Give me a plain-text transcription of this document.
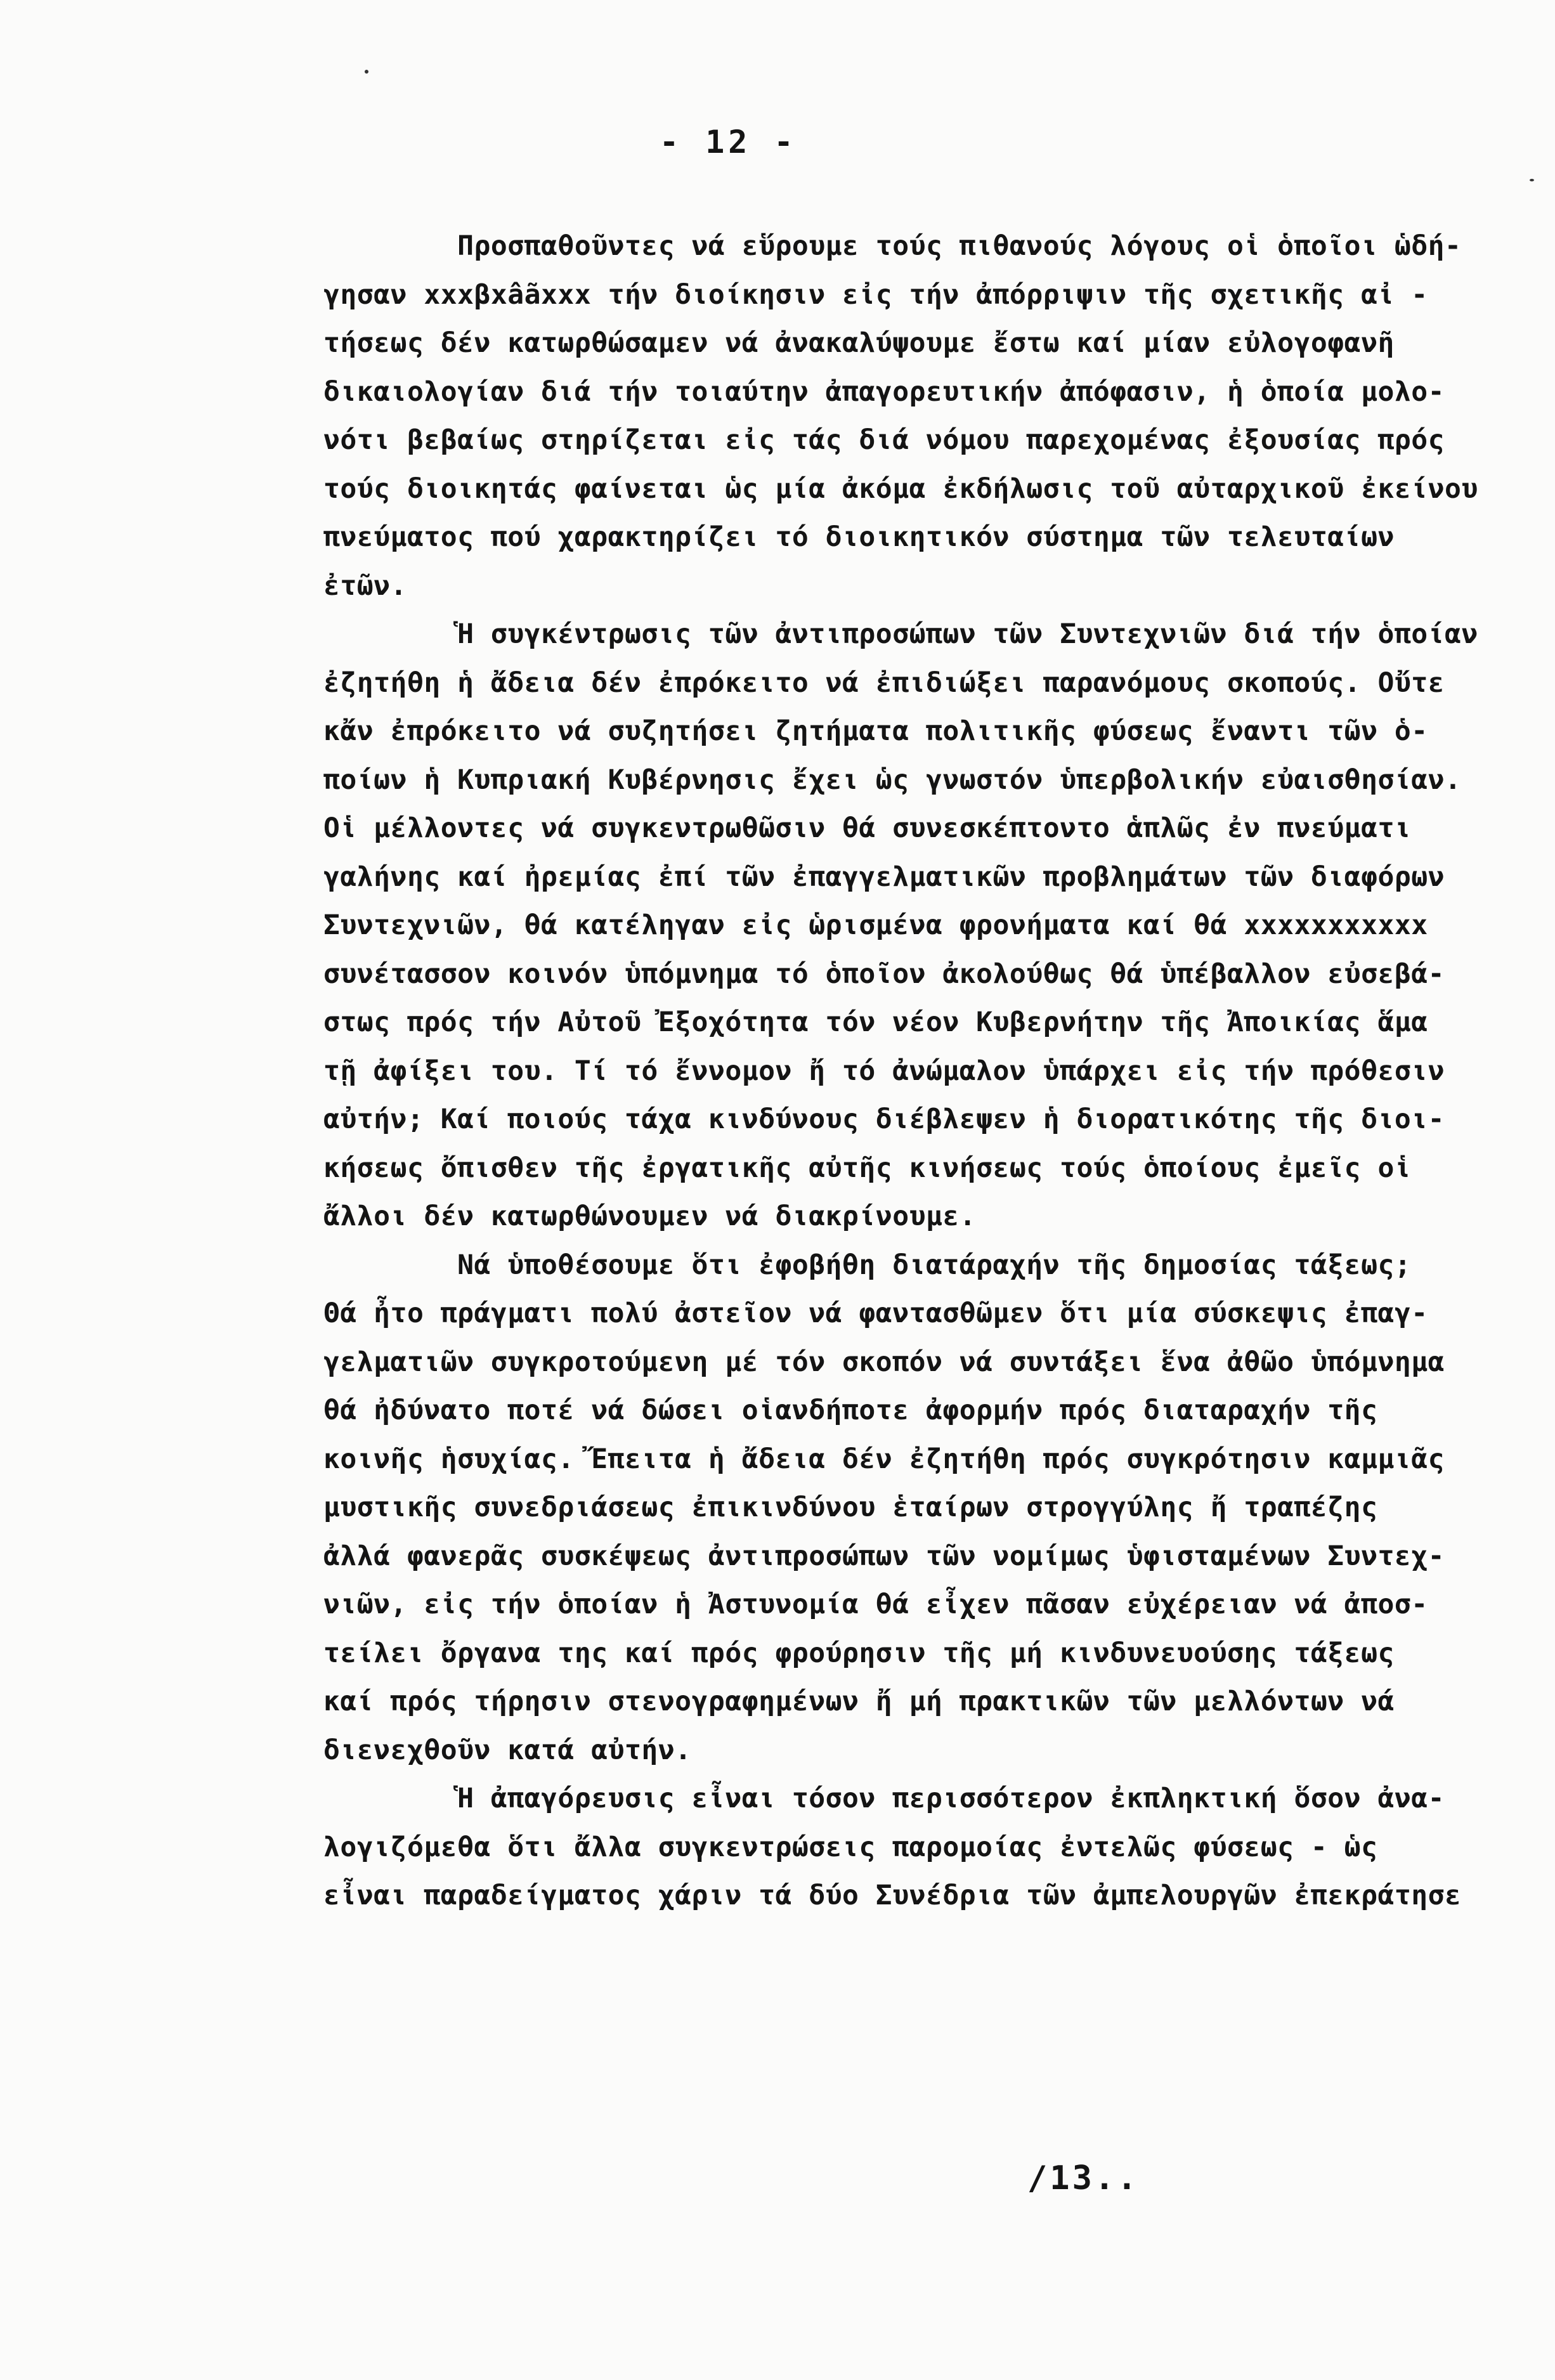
- 12 -
Προσπαθοῦντες νά εὕρουμε τούς πιθανούς λόγους οἱ ὁποῖοι ὡδή-
γησαν xxxβxâãxxx τήν διοίκησιν εἰς τήν ἀπόρριψιν τῆς σχετικῆς αἰ -
τήσεως δέν κατωρθώσαμεν νά ἀνακαλύψουμε ἔστω καί μίαν εὐλογοφανῆ
δικαιολογίαν διά τήν τοιαύτην ἀπαγορευτικήν ἀπόφασιν, ἡ ὁποία μολο-
νότι βεβαίως στηρίζεται εἰς τάς διά νόμου παρεχομένας ἐξουσίας πρός
τούς διοικητάς φαίνεται ὡς μία ἀκόμα ἐκδήλωσις τοῦ αὐταρχικοῦ ἐκείνου
πνεύματος πού χαρακτηρίζει τό διοικητικόν σύστημα τῶν τελευταίων
ἐτῶν.
Ἡ συγκέντρωσις τῶν ἀντιπροσώπων τῶν Συντεχνιῶν διά τήν ὁποίαν
ἐζητήθη ἡ ἄδεια δέν ἐπρόκειτο νά ἐπιδιώξει παρανόμους σκοπούς. Οὔτε
κἄν ἐπρόκειτο νά συζητήσει ζητήματα πολιτικῆς φύσεως ἔναντι τῶν ὁ-
ποίων ἡ Κυπριακή Κυβέρνησις ἔχει ὡς γνωστόν ὑπερβολικήν εὐαισθησίαν.
Οἱ μέλλοντες νά συγκεντρωθῶσιν θά συνεσκέπτοντο ἁπλῶς ἐν πνεύματι
γαλήνης καί ἠρεμίας ἐπί τῶν ἐπαγγελματικῶν προβλημάτων τῶν διαφόρων
Συντεχνιῶν, θά κατέληγαν εἰς ὡρισμένα φρονήματα καί θά xxxxxxxxxxx
συνέτασσον κοινόν ὑπόμνημα τό ὁποῖον ἀκολούθως θά ὑπέβαλλον εὐσεβά-
στως πρός τήν Αὐτοῦ Ἐξοχότητα τόν νέον Κυβερνήτην τῆς Ἀποικίας ἅμα
τῇ ἀφίξει του. Τί τό ἔννομον ἤ τό ἀνώμαλον ὑπάρχει εἰς τήν πρόθεσιν
αὐτήν; Καί ποιούς τάχα κινδύνους διέβλεψεν ἡ διορατικότης τῆς διοι-
κήσεως ὄπισθεν τῆς ἐργατικῆς αὐτῆς κινήσεως τούς ὁποίους ἐμεῖς οἱ
ἄλλοι δέν κατωρθώνουμεν νά διακρίνουμε.
Νά ὑποθέσουμε ὅτι ἐφοβήθη διατάραχήν τῆς δημοσίας τάξεως;
Θά ἦτο πράγματι πολύ ἀστεῖον νά φαντασθῶμεν ὅτι μία σύσκεψις ἐπαγ-
γελματιῶν συγκροτούμενη μέ τόν σκοπόν νά συντάξει ἕνα ἀθῶο ὑπόμνημα
θά ἠδύνατο ποτέ νά δώσει οἱανδήποτε ἀφορμήν πρός διαταραχήν τῆς
κοινῆς ἡσυχίας. Ἔπειτα ἡ ἄδεια δέν ἐζητήθη πρός συγκρότησιν καμμιᾶς
μυστικῆς συνεδριάσεως ἐπικινδύνου ἑταίρων στρογγύλης ἤ τραπέζης
ἀλλά φανερᾶς συσκέψεως ἀντιπροσώπων τῶν νομίμως ὑφισταμένων Συντεχ-
νιῶν, εἰς τήν ὁποίαν ἡ Ἀστυνομία θά εἶχεν πᾶσαν εὐχέρειαν νά ἀποσ-
τείλει ὄργανα της καί πρός φρούρησιν τῆς μή κινδυνευούσης τάξεως
καί πρός τήρησιν στενογραφημένων ἤ μή πρακτικῶν τῶν μελλόντων νά
διενεχθοῦν κατά αὐτήν.
Ἡ ἀπαγόρευσις εἶναι τόσον περισσότερον ἐκπληκτική ὅσον ἀνα-
λογιζόμεθα ὅτι ἄλλα συγκεντρώσεις παρομοίας ἐντελῶς φύσεως - ὡς
εἶναι παραδείγματος χάριν τά δύο Συνέδρια τῶν ἀμπελουργῶν ἐπεκράτησε
/13..
